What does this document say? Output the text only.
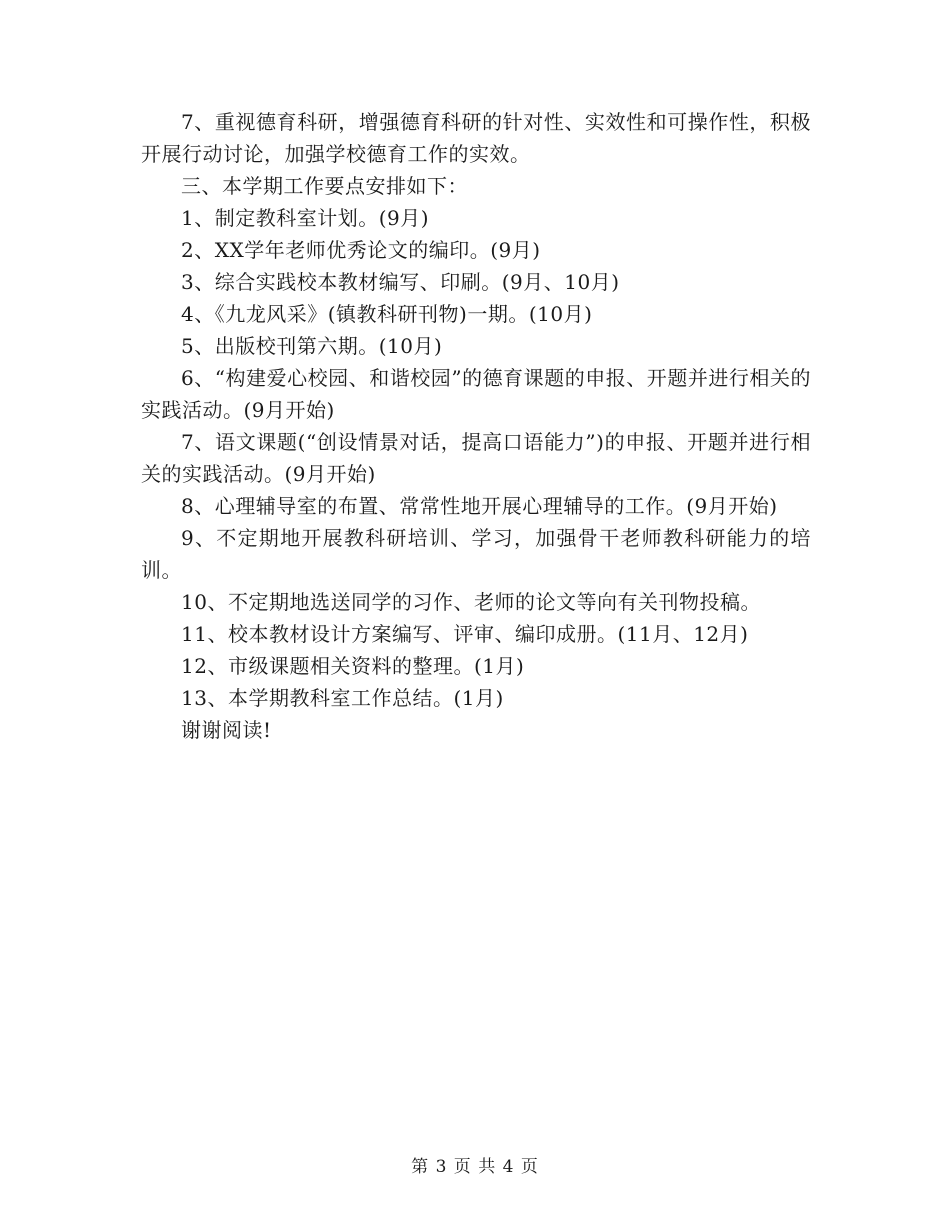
7、重视德育科研，增强德育科研的针对性、实效性和可操作性，积极开展行动讨论，加强学校德育工作的实效。

三、本学期工作要点安排如下：

1、制定教科室计划。(9月)

2、XX学年老师优秀论文的编印。(9月)

3、综合实践校本教材编写、印刷。(9月、10月)

4、《九龙风采》(镇教科研刊物)一期。(10月)

5、出版校刊第六期。(10月)

6、“构建爱心校园、和谐校园”的德育课题的申报、开题并进行相关的实践活动。(9月开始)

7、语文课题(“创设情景对话，提高口语能力”)的申报、开题并进行相关的实践活动。(9月开始)

8、心理辅导室的布置、常常性地开展心理辅导的工作。(9月开始)

9、不定期地开展教科研培训、学习，加强骨干老师教科研能力的培训。

10、不定期地选送同学的习作、老师的论文等向有关刊物投稿。

11、校本教材设计方案编写、评审、编印成册。(11月、12月)

12、市级课题相关资料的整理。(1月)

13、本学期教科室工作总结。(1月)

谢谢阅读!

第 3 页 共 4 页
